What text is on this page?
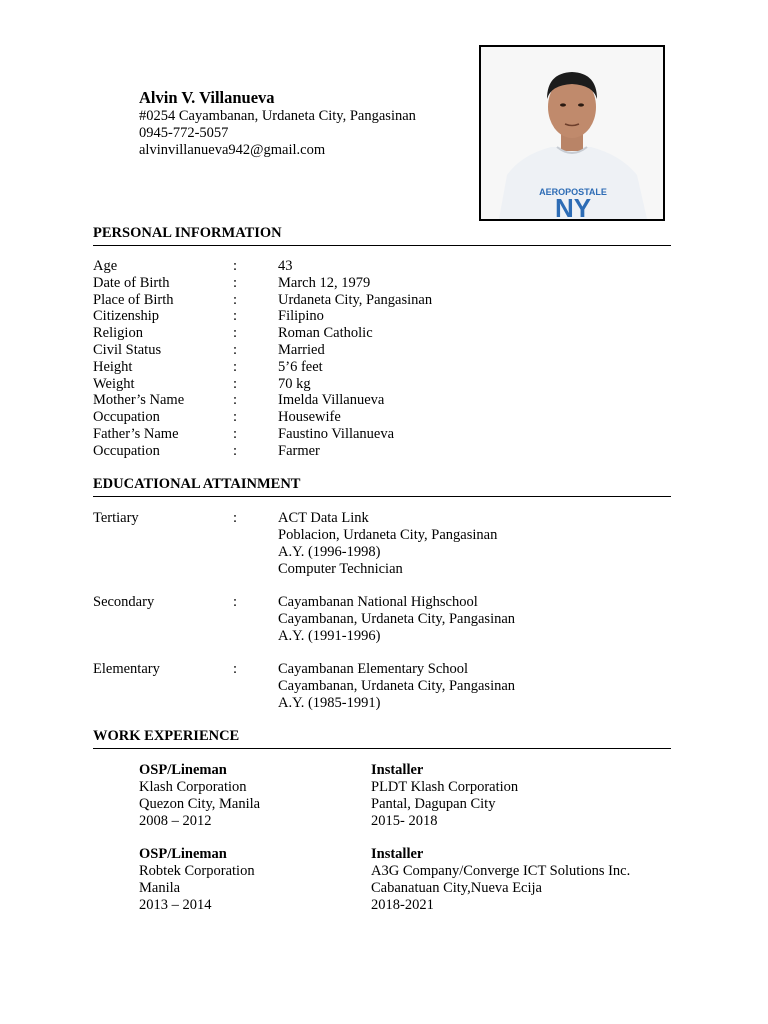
Alvin V. Villanueva
#0254 Cayambanan, Urdaneta City, Pangasinan
0945-772-5057
alvinvillanueva942@gmail.com
AEROPOSTALE
NY
PERSONAL INFORMATION
Age	:	43
Date of Birth	:	March 12, 1979
Place of Birth	:	Urdaneta City, Pangasinan
Citizenship	:	Filipino
Religion	:	Roman Catholic
Civil Status	:	Married
Height	:	5’6 feet
Weight	:	70 kg
Mother’s Name	:	Imelda Villanueva
Occupation	:	Housewife
Father’s Name	:	Faustino Villanueva
Occupation	:	Farmer
EDUCATIONAL ATTAINMENT
Tertiary	:	ACT Data Link
Poblacion, Urdaneta City, Pangasinan
A.Y. (1996-1998)
Computer Technician
Secondary	:	Cayambanan National Highschool
Cayambanan, Urdaneta City, Pangasinan
A.Y. (1991-1996)
Elementary	:	Cayambanan Elementary School
Cayambanan, Urdaneta City, Pangasinan
A.Y. (1985-1991)
WORK EXPERIENCE
OSP/Lineman
Klash Corporation
Quezon City, Manila
2008 – 2012
Installer
PLDT Klash Corporation
Pantal, Dagupan City
2015- 2018
OSP/Lineman
Robtek Corporation
Manila
2013 – 2014
Installer
A3G Company/Converge ICT Solutions Inc.
Cabanatuan City,Nueva Ecija
2018-2021
